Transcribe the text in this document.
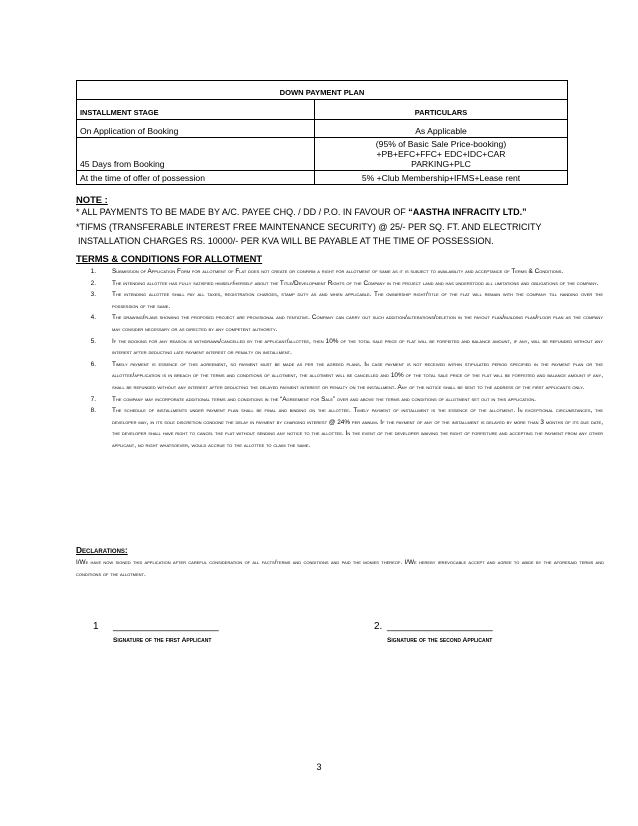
DOWN PAYMENT PLAN	
INSTALLMENT STAGE	PARTICULARS
On Application of Booking	As Applicable
45 Days from Booking	(95% of Basic Sale Price-booking) +PB+EFC+FFC+ EDC+IDC+CAR PARKING+PLC
At the time of offer of possession	5% +Club Membership+IFMS+Lease rent
NOTE :
* ALL PAYMENTS TO BE MADE BY A/C. PAYEE CHQ. / DD / P.O. IN FAVOUR OF “AASTHA INFRACITY LTD.”
*TIFMS (TRANSFERABLE INTEREST FREE MAINTENANCE SECURITY) @ 25/- PER SQ. FT. AND ELECTRICITY
INSTALLATION CHARGES RS. 10000/- PER KVA WILL BE PAYABLE AT THE TIME OF POSSESSION.
TERMS & CONDITIONS FOR ALLOTMENT
1.	Submission of Application Form for allotment of Flat does not create or confirm a right for allotment of same as it is subject to availability and acceptance of Terms & Conditions.
2.	The intending allottee has fully satisfied himself/herself about the Title/Development Rights of the Company in the project land and has understood all limitations and obligations of the company.
3.	The intending allottee shall pay all taxes, registration charges, stamp duty as and when applicable. The ownership right/title of the flat will remain with the company till handing over the possession of the same.
4.	The drawing/plans showing the proposed project are provisional and tentative. Company can carry out such addition/alterations/deletion in the payout plan/building plan/floor plan as the company may consider necessary or as directed by any competent authority.
5.	If the booking for any reason is withdrawn/cancelled by the applicant/allottee, then 10% of the total sale price of flat will be forfeited and balance amount, if any, will be refunded without any interest after deducting late payment interest or penalty on installment.
6.	Timely payment is essence of this agreement, so payment must be made as per the agreed plans. In case payment is not received within stipulated period specified in the payment plan or the allottee/application is in breach of the terms and conditions of allotment, the allotment will be cancelled and 10% of the total sale price of the flat will be forfeited and balance amount if any, shall be refunded without any interest after deducting the delayed payment interest or penalty on the installment. Any of the notice shall be sent to the address of the first applicants only.
7.	The company may incorporate additional terms and conditions in the “Agreement for Sale” over and above the terms and conditions of allotment set out in this application.
8.	The schedule of installments under payment plan shall be final and binding on the allottee. Timely payment of installment is the essence of the allotment. In exceptional circumstances, the developer may, in its sole discretion condone the delay in payment by charging interest @ 24% per annum. If the payment of any of the installment is delayed by more than 3 months of its due date, the developer shall have right to cancel the flat without sending any notice to the allottee. In the event of the developer waiving the right of forfeiture and accepting the payment from any other applicant, no right whatsoever, would accrue to the allottee to claim the same.
Declarations:
I/We have now signed this application after careful consideration of all facts/terms and conditions and paid the monies thereof. I/We hereby irrevocable accept and agree to abide by the aforesaid terms and conditions of the allotment.
1 ___________________
Signature of the first Applicant
2. ___________________
Signature of the second Applicant
3
